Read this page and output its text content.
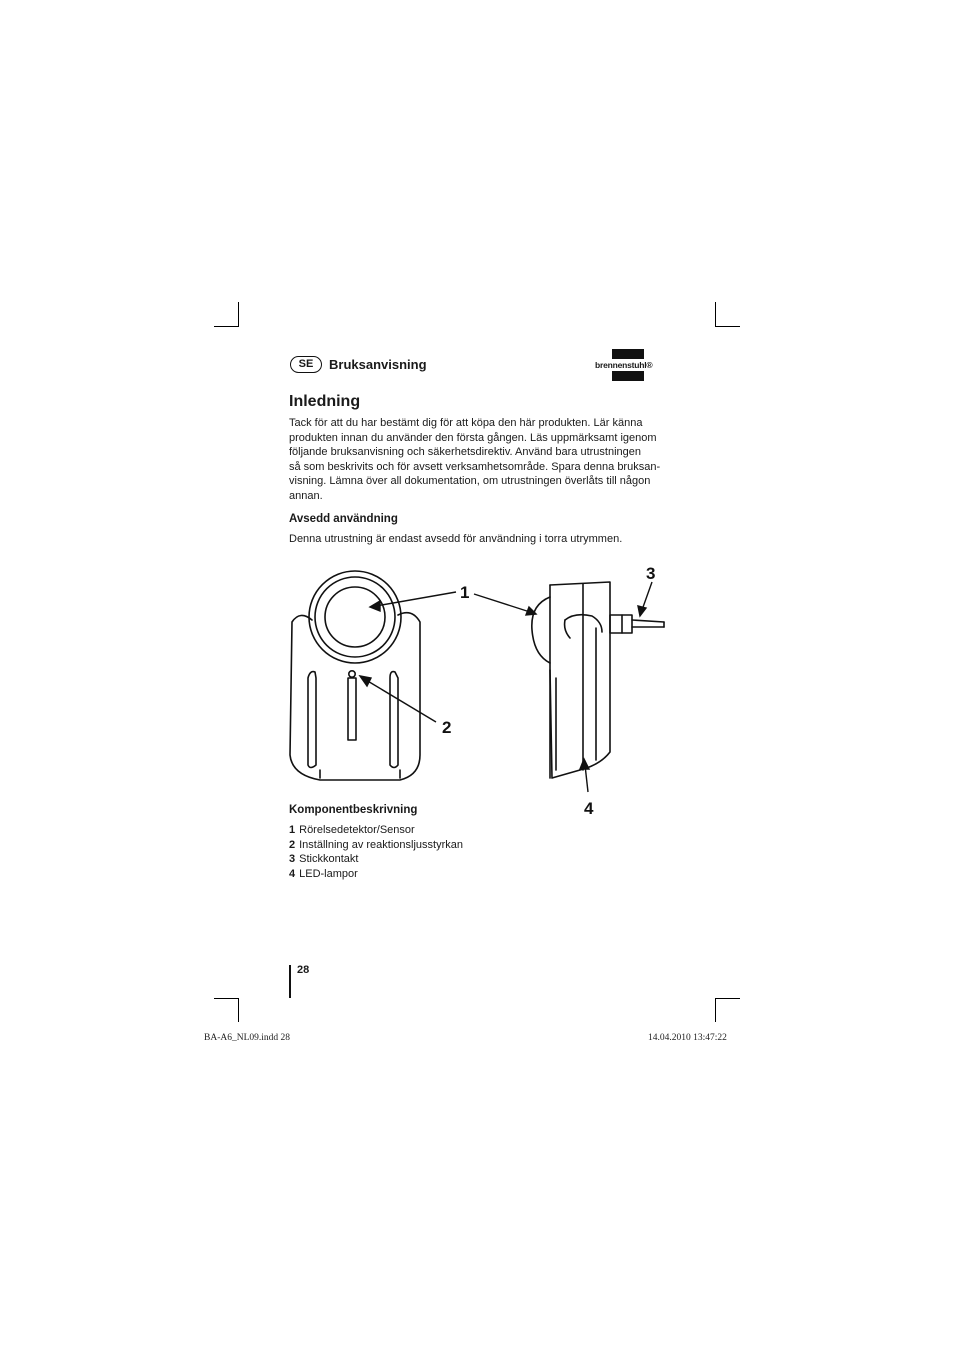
SE	Bruksanvisning	brennenstuhl®
Inledning
Tack för att du har bestämt dig för att köpa den här produkten. Lär känna
produkten innan du använder den första gången. Läs uppmärksamt igenom
följande bruksanvisning och säkerhetsdirektiv. Använd bara utrustningen
så som beskrivits och för avsett verksamhetsområde. Spara denna bruksan-
visning. Lämna över all dokumentation, om utrustningen överlåts till någon
annan.
Avsedd användning
Denna utrustning är endast avsedd för användning i torra utrymmen.
1
2
3
4
Komponentbeskrivning
1 Rörelsedetektor/Sensor
2 Inställning av reaktionsljusstyrkan
3 Stickkontakt
4 LED-lampor
28
BA-A6_NL09.indd 28	14.04.2010 13:47:22
